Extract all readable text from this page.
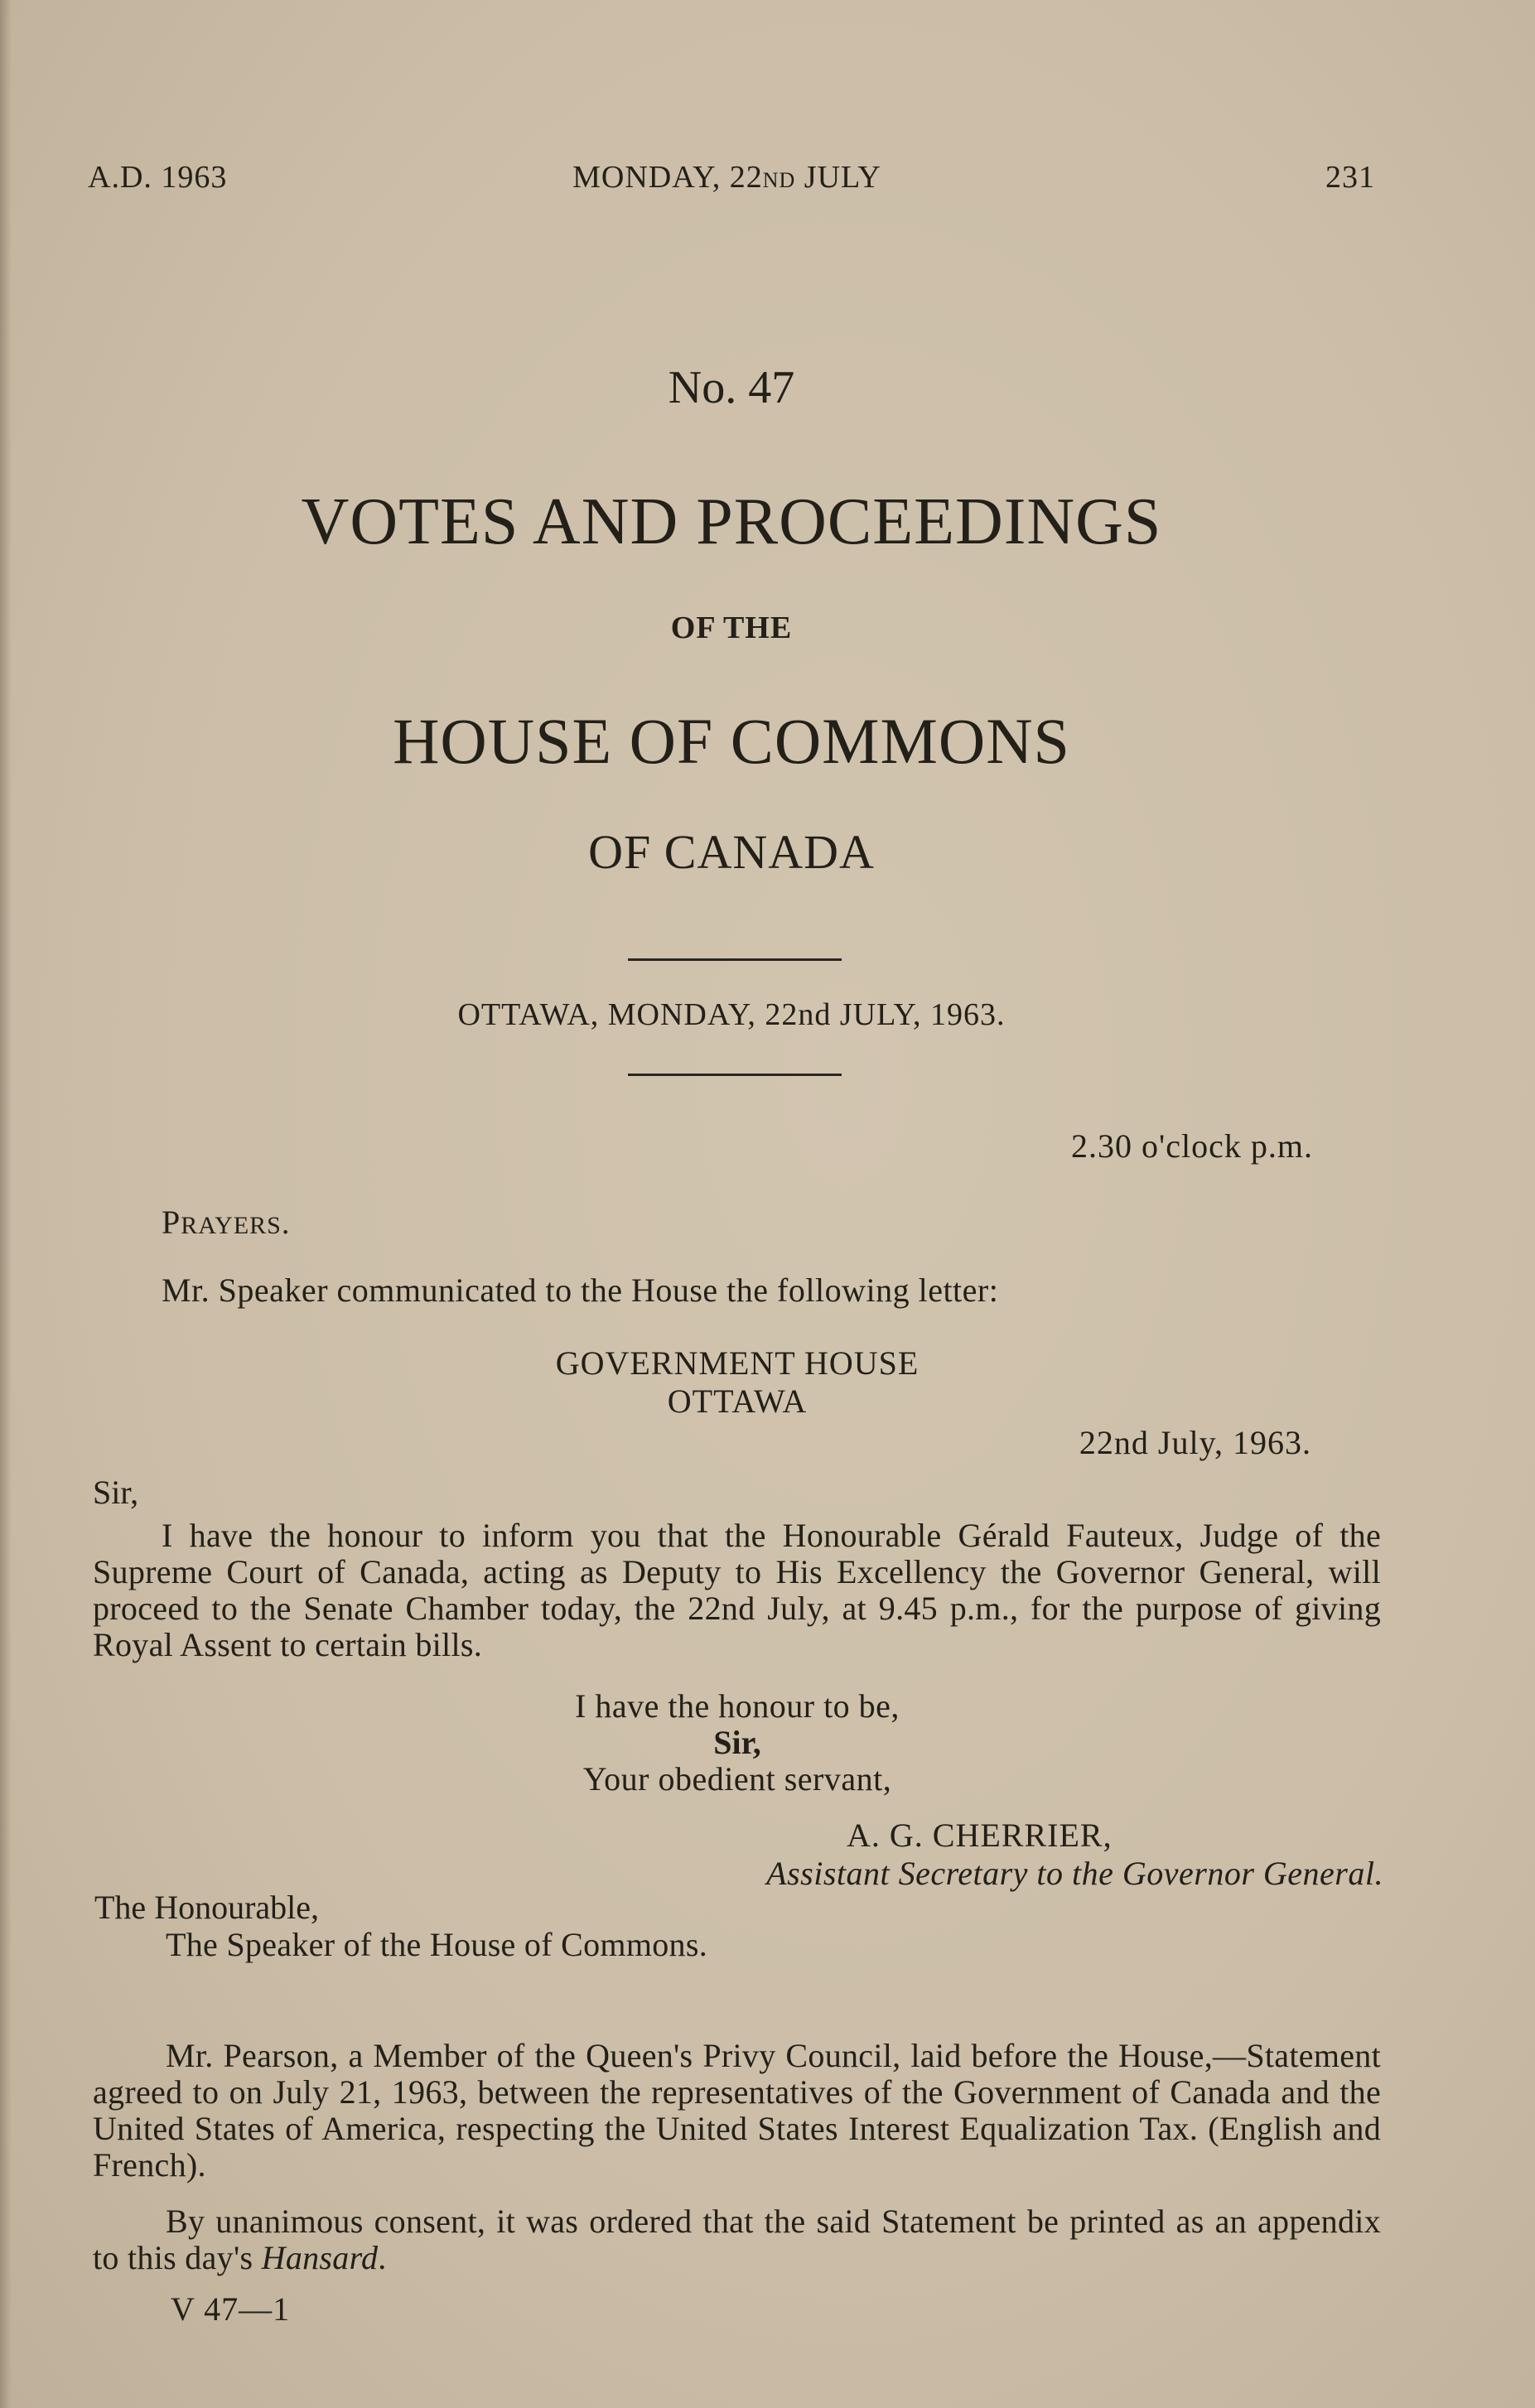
A.D. 1963	MONDAY, 22ND JULY	231
No. 47
VOTES AND PROCEEDINGS
OF THE
HOUSE OF COMMONS
OF CANADA
OTTAWA, MONDAY, 22nd JULY, 1963.
2.30 o'clock p.m.
PRAYERS.
Mr. Speaker communicated to the House the following letter:
GOVERNMENT HOUSE
OTTAWA
22nd July, 1963.
Sir,
I have the honour to inform you that the Honourable Gérald Fauteux, Judge of the Supreme Court of Canada, acting as Deputy to His Excellency the Governor General, will proceed to the Senate Chamber today, the 22nd July, at 9.45 p.m., for the purpose of giving Royal Assent to certain bills.
I have the honour to be,
Sir,
Your obedient servant,
A. G. CHERRIER,
Assistant Secretary to the Governor General.
The Honourable,
The Speaker of the House of Commons.
Mr. Pearson, a Member of the Queen's Privy Council, laid before the House,—Statement agreed to on July 21, 1963, between the representatives of the Government of Canada and the United States of America, respecting the United States Interest Equalization Tax. (English and French).
By unanimous consent, it was ordered that the said Statement be printed as an appendix to this day's Hansard.
V 47—1
